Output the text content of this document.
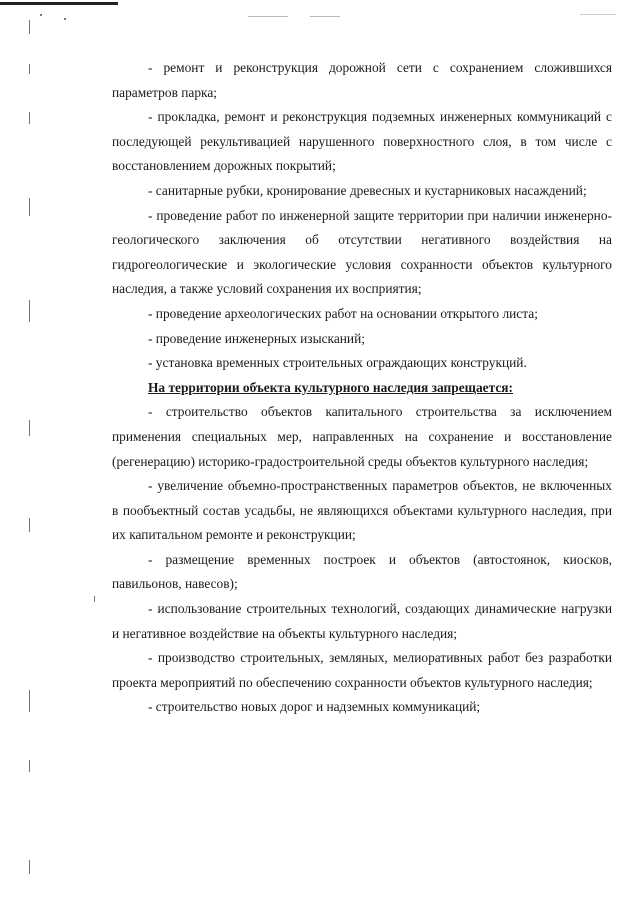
- ремонт и реконструкция дорожной сети с сохранением сложившихся параметров парка;

- прокладка, ремонт и реконструкция подземных инженерных коммуникаций с последующей рекультивацией нарушенного поверхностного слоя, в том числе с восстановлением дорожных покрытий;

- санитарные рубки, кронирование древесных и кустарниковых насаждений;

- проведение работ по инженерной защите территории при наличии инженерно-геологического заключения об отсутствии негативного воздействия на гидрогеологические и экологические условия сохранности объектов культурного наследия, а также условий сохранения их восприятия;

- проведение археологических работ на основании открытого листа;

- проведение инженерных изысканий;

- установка временных строительных ограждающих конструкций.

На территории объекта культурного наследия запрещается:

- строительство объектов капитального строительства за исключением применения специальных мер, направленных на сохранение и восстановление (регенерацию) историко-градостроительной среды объектов культурного наследия;

- увеличение объемно-пространственных параметров объектов, не включенных в пообъектный состав усадьбы, не являющихся объектами культурного наследия, при их капитальном ремонте и реконструкции;

- размещение временных построек и объектов (автостоянок, киосков, павильонов, навесов);

- использование строительных технологий, создающих динамические нагрузки и негативное воздействие на объекты культурного наследия;

- производство строительных, земляных, мелиоративных работ без разработки проекта мероприятий по обеспечению сохранности объектов культурного наследия;

- строительство новых дорог и надземных коммуникаций;
